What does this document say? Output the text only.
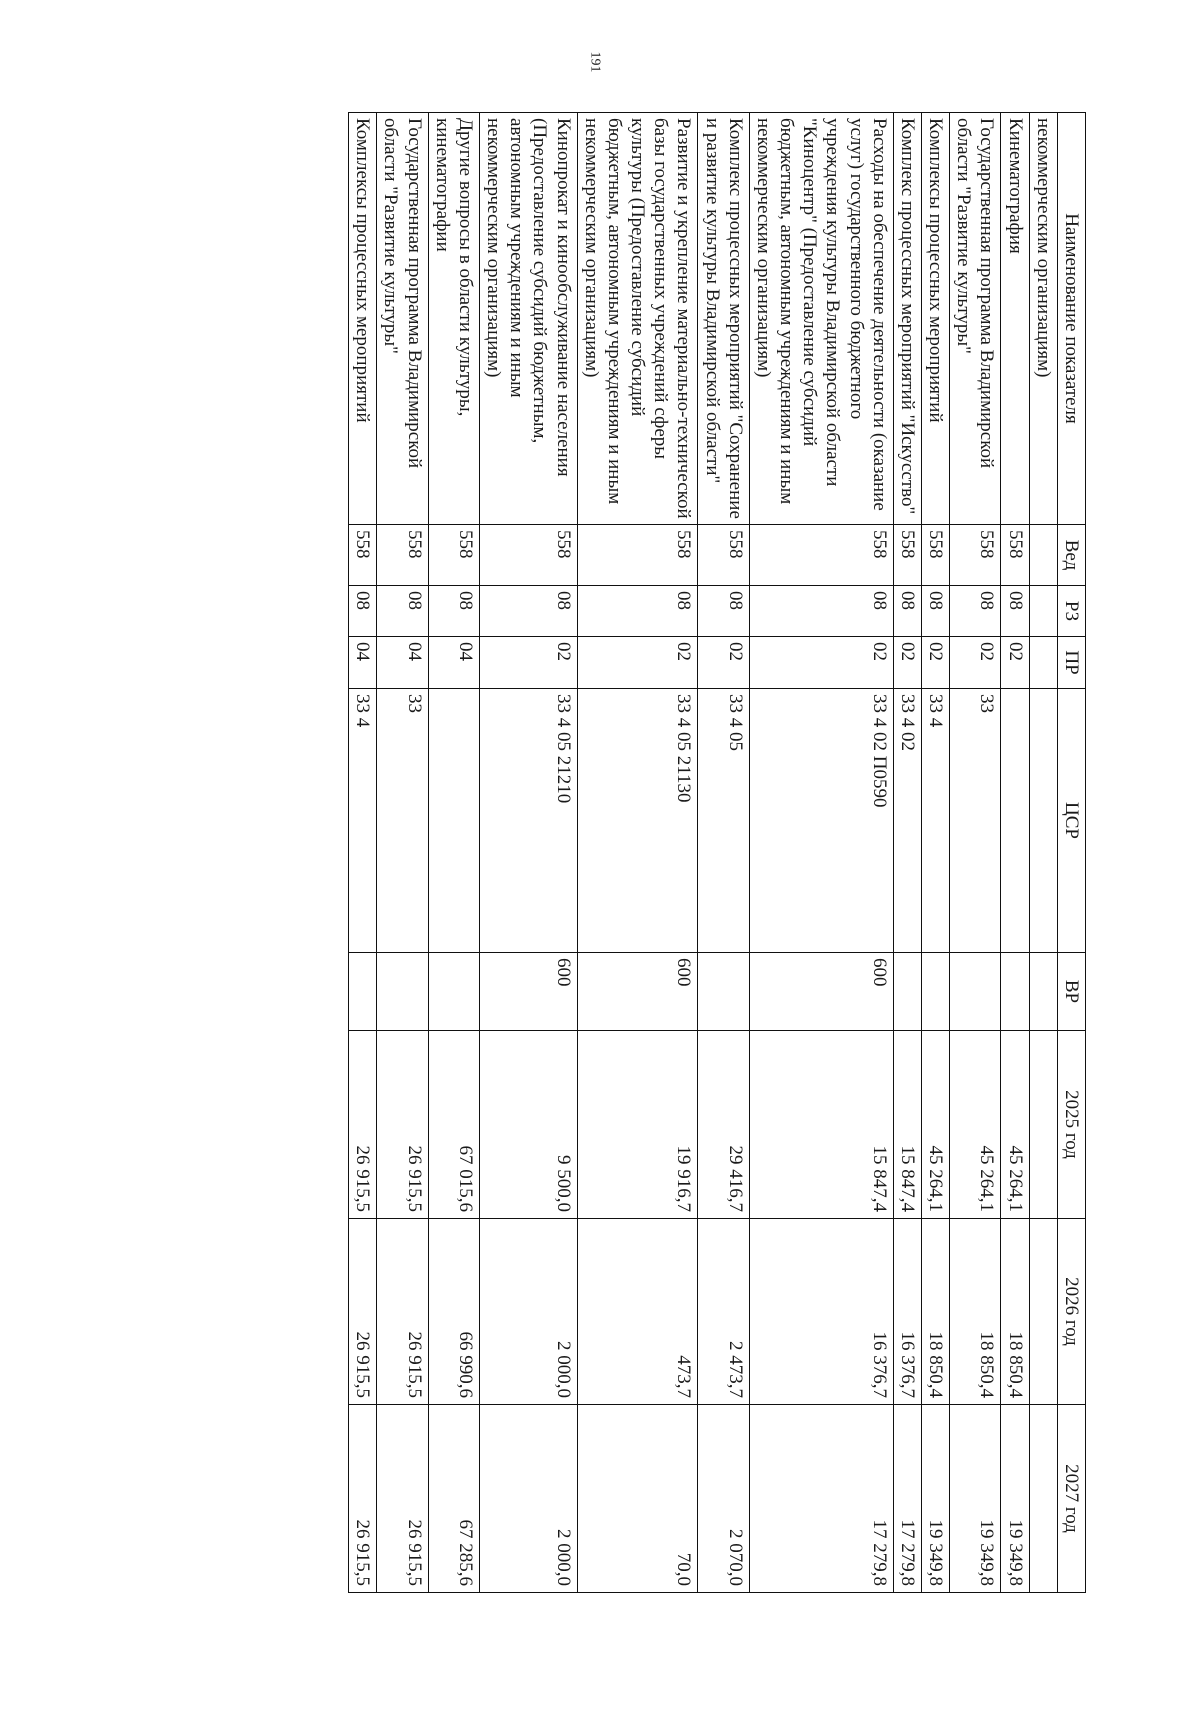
191
Наименование показателя	Вед	РЗ	ПР	ЦСР	ВР	2025 год	2026 год	2027 год
некоммерческим организациям)								
Кинематография	558	08	02			45 264,1	18 850,4	19 349,8
Государственная программа Владимирской области "Развитие культуры"	558	08	02	33		45 264,1	18 850,4	19 349,8
Комплексы процессных мероприятий	558	08	02	33 4		45 264,1	18 850,4	19 349,8
Комплекс процессных мероприятий "Искусство"	558	08	02	33 4 02		15 847,4	16 376,7	17 279,8
Расходы на обеспечение деятельности (оказание услуг) государственного бюджетного учреждения культуры Владимирской области "Киноцентр" (Предоставление субсидий бюджетным, автономным учреждениям и иным некоммерческим организациям)	558	08	02	33 4 02 П0590	600	15 847,4	16 376,7	17 279,8
Комплекс процессных мероприятий "Сохранение и развитие культуры Владимирской области"	558	08	02	33 4 05		29 416,7	2 473,7	2 070,0
Развитие и укрепление материально-технической базы государственных учреждений сферы культуры (Предоставление субсидий бюджетным, автономным учреждениям и иным некоммерческим организациям)	558	08	02	33 4 05 21130	600	19 916,7	473,7	70,0
Кинопрокат и кинообслуживание населения (Предоставление субсидий бюджетным, автономным учреждениям и иным некоммерческим организациям)	558	08	02	33 4 05 21210	600	9 500,0	2 000,0	2 000,0
Другие вопросы в области культуры, кинематографии	558	08	04			67 015,6	66 990,6	67 285,6
Государственная программа Владимирской области "Развитие культуры"	558	08	04	33		26 915,5	26 915,5	26 915,5
Комплексы процессных мероприятий	558	08	04	33 4		26 915,5	26 915,5	26 915,5
